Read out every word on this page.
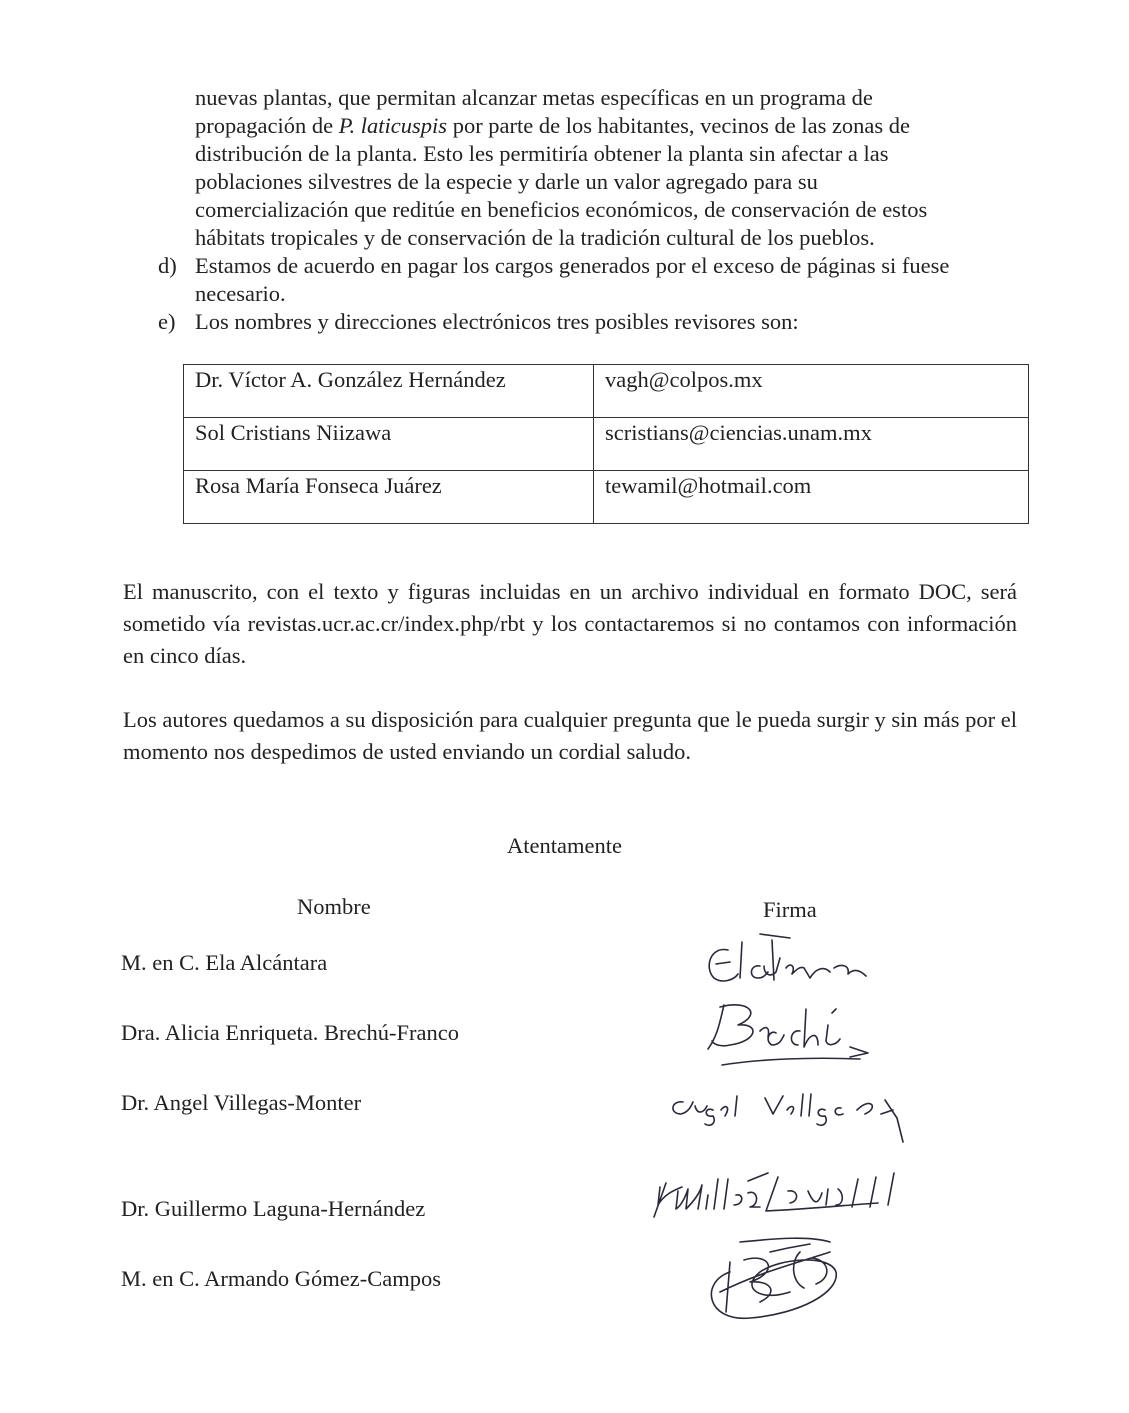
nuevas plantas, que permitan alcanzar metas específicas en un programa de
propagación de P. laticuspis por parte de los habitantes, vecinos de las zonas de
distribución de la planta. Esto les permitiría obtener la planta sin afectar a las
poblaciones silvestres de la especie y darle un valor agregado para su
comercialización que reditúe en beneficios económicos, de conservación de estos
hábitats tropicales y de conservación de la tradición cultural de los pueblos.
d) Estamos de acuerdo en pagar los cargos generados por el exceso de páginas si fuese
necesario.
e) Los nombres y direcciones electrónicos tres posibles revisores son:
Dr. Víctor A. González Hernández	vagh@colpos.mx
Sol Cristians Niizawa	scristians@ciencias.unam.mx
Rosa María Fonseca Juárez	tewamil@hotmail.com
El manuscrito, con el texto y figuras incluidas en un archivo individual en formato DOC, será sometido vía revistas.ucr.ac.cr/index.php/rbt y los contactaremos si no contamos con información en cinco días.
Los autores quedamos a su disposición para cualquier pregunta que le pueda surgir y sin más por el momento nos despedimos de usted enviando un cordial saludo.
Atentamente
Nombre	Firma
M. en C. Ela Alcántara
Dra. Alicia Enriqueta. Brechú-Franco
Dr. Angel Villegas-Monter
Dr. Guillermo Laguna-Hernández
M. en C. Armando Gómez-Campos
